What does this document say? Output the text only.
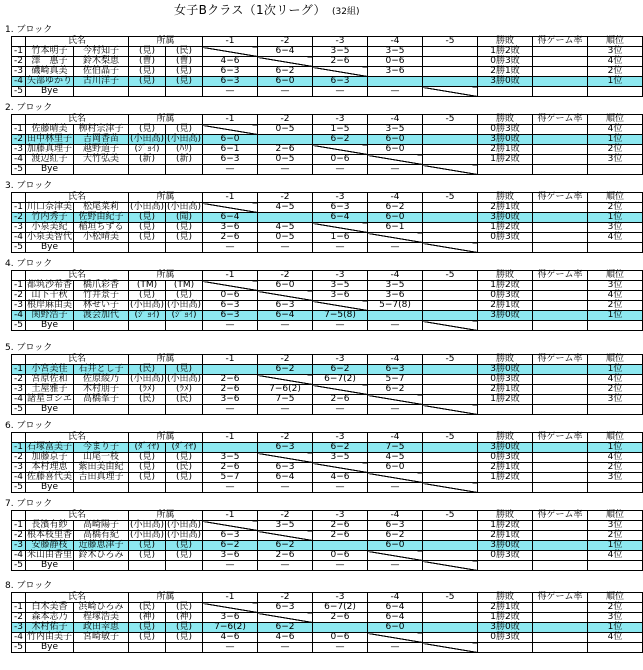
女子Bクラス（1次リーグ） (32組)
1. ブロック
	氏名		所属		-1	-2	-3	-4	-5	勝敗	得ゲーム率	順位
-1	竹本明子	今村知子	(見)	(民)		6−4	3−5	3−5		1勝2敗		3位
-2	澤　惠子	鈴木梨恵	(曹)	(曹)	4−6		2−6	0−6		0勝3敗		4位
-3	磯崎真美	佐伯晶子	(見)	(見)	6−3	6−2		3−6		2勝1敗		2位
-4	矢部ゆかり	古川洋子	(見)	(見)	6−3	6−0	6−3			3勝0敗		1位
-5	Bye				—	—	—	—				
2. ブロック
	氏名		所属		-1	-2	-3	-4	-5	勝敗	得ゲーム率	順位
-1	佐藤晴美	栁村宗津子	(見)	(見)		0−5	1−5	3−5		0勝3敗		4位
-2	田中林里子	吉岡香苗	(小田高)	(小田高)	6−0		6−2	6−0		3勝0敗		1位
-3	加藤真理子	越野道子	(ｼﾞｮｲ)	(ﾊﾘ)	6−1	2−6		6−0		2勝1敗		2位
-4	渡辺紅子	大竹弘美	(新)	(新)	6−3	0−5	0−6			1勝2敗		3位
-5	Bye				—	—	—	—				
3. ブロック
	氏名		所属		-1	-2	-3	-4	-5	勝敗	得ゲーム率	順位
-1	川口奈津美	松尾菜莉	(小田高)	(小田高)		4−5	6−3	6−2		2勝1敗		2位
-2	竹内秀子	佐野由紀子	(見)	(聞)	6−4		6−4	6−0		3勝0敗		1位
-3	小泉美紀	稲垣ちずる	(見)	(見)	3−6	4−5		6−1		1勝2敗		3位
-4	小泉美智代	小松晴美	(見)	(見)	2−6	0−5	1−6			0勝3敗		4位
-5	Bye				—	—	—	—				
4. ブロック
	氏名		所属		-1	-2	-3	-4	-5	勝敗	得ゲーム率	順位
-1	都筑沙希香	橋爪彩香	(TM)	(TM)		6−0	3−5	3−5		1勝2敗		3位
-2	山下千秋	竹井景子	(見)	(見)	0−6		3−6	3−6		0勝3敗		4位
-3	根岸麻由美	林せい子	(小田高)	(小田高)	6−3	6−3		5−7(8)		2勝1敗		2位
-4	関野浩子	渡会加代	(ｼﾞｮｲ)	(ｼﾞｮｲ)	6−3	6−4	7−5(8)			3勝0敗		1位
-5	Bye				—	—	—	—				
5. ブロック
	氏名		所属		-1	-2	-3	-4	-5	勝敗	得ゲーム率	順位
-1	小宮美佳	石井とし子	(民)	(見)		6−2	6−2	6−3		3勝0敗		1位
-2	宮原佐和	佐原綾乃	(小田高)	(小田高)	2−6		6−7(2)	5−7		0勝3敗		4位
-3	土屋雅子	木村朋子	(ﾗﾒ)	(ﾗﾒ)	2−6	7−6(2)		6−2		2勝1敗		2位
-4	諸星ヨシエ	高橋峯子	(民)	(民)	3−6	7−5	2−6			1勝2敗		3位
-5	Bye				—	—	—	—				
6. ブロック
	氏名		所属		-1	-2	-3	-4	-5	勝敗	得ゲーム率	順位
-1	石塚富美子	今まり子	(ﾀﾞｲﾔ)	(ﾀﾞｲﾔ)		6−3	6−2	7−5		3勝0敗		1位
-2	加藤京子	山尾一枝	(見)	(見)	3−5		3−5	4−5		0勝3敗		4位
-3	本村理恵	紫田美由紀	(見)	(民)	2−6	6−3		6−0		2勝1敗		2位
-4	佐藤喜代美	吉田真理子	(見)	(見)	5−7	6−4	4−6			1勝2敗		3位
-5	Bye				—	—	—	—				
7. ブロック
	氏名		所属		-1	-2	-3	-4	-5	勝敗	得ゲーム率	順位
-1	長濱有紗	高崎陽子	(小田高)	(小田高)		3−5	2−6	6−3		1勝2敗		3位
-2	根本枝里香	高橋有紀	(小田高)	(小田高)	6−3		2−6	6−2		2勝1敗		2位
-3	安藤静枝	近藤恵津子	(見)	(見)	6−2	6−2		6−0		3勝0敗		1位
-4	米山由香里	鈴木ひろみ	(見)	(見)	3−6	2−6	0−6			0勝3敗		4位
-5	Bye				—	—	—	—				
8. ブロック
	氏名		所属		-1	-2	-3	-4	-5	勝敗	得ゲーム率	順位
-1	白木美香	浜崎ひろみ	(民)	(民)		6−3	6−7(2)	6−4		2勝1敗		2位
-2	森本志乃	程塚浩美	(神)	(神)	3−6		2−6	6−4		1勝2敗		3位
-3	木村佑子	政田幸恵	(見)	(見)	7−6(2)	6−2		6−0		3勝0敗		1位
-4	竹内由美子	宮崎敏子	(見)	(見)	4−6	4−6	0−6			0勝3敗		4位
-5	Bye				—	—	—	—				
